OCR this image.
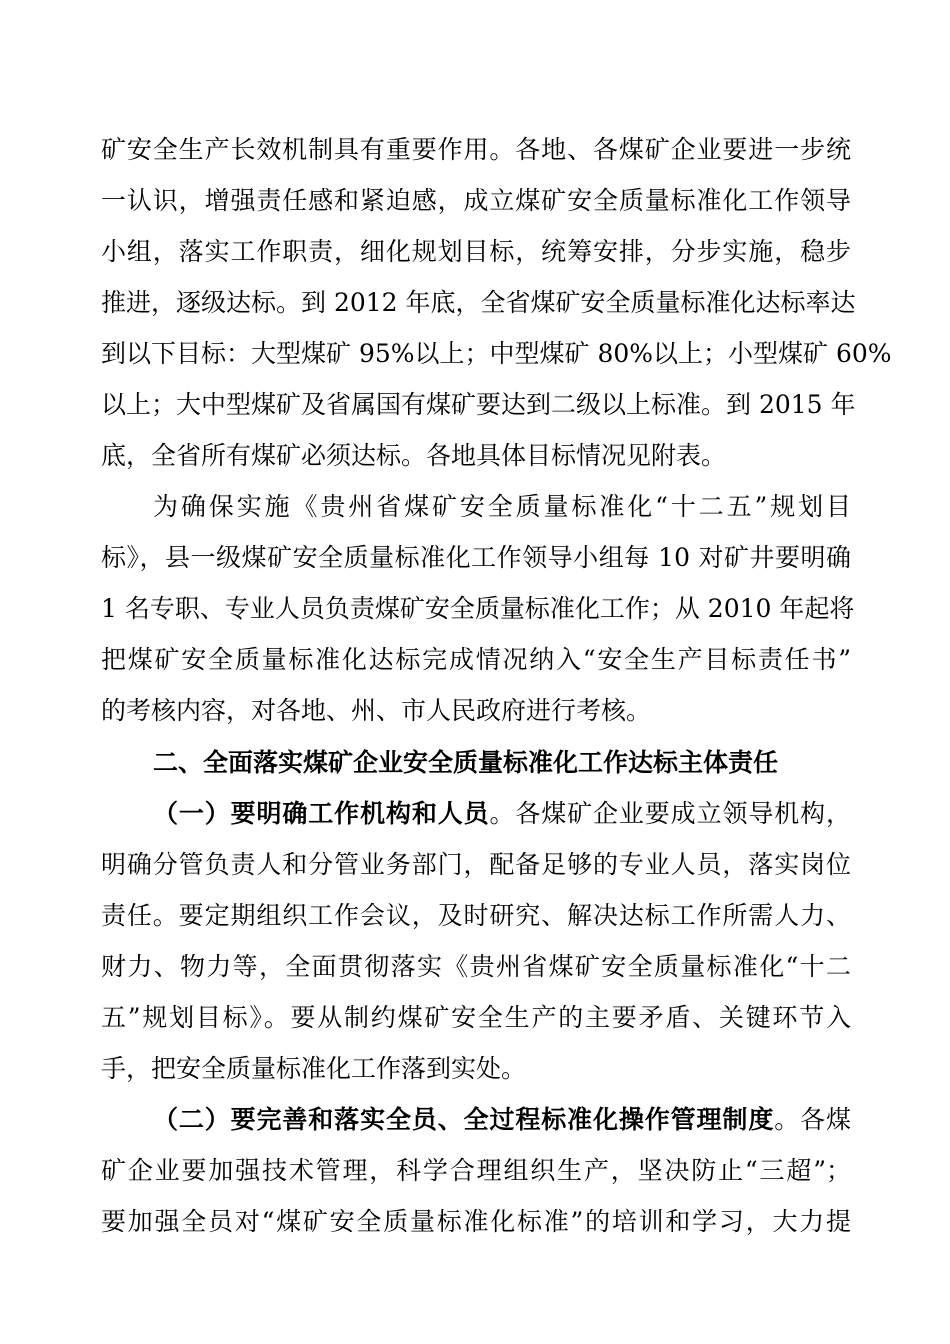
矿安全生产长效机制具有重要作用。各地、各煤矿企业要进一步统
一认识，增强责任感和紧迫感，成立煤矿安全质量标准化工作领导
小组，落实工作职责，细化规划目标，统筹安排，分步实施，稳步
推进，逐级达标。到 2012 年底，全省煤矿安全质量标准化达标率达
到以下目标：大型煤矿 95%以上；中型煤矿 80%以上；小型煤矿 60%
以上；大中型煤矿及省属国有煤矿要达到二级以上标准。到 2015 年
底，全省所有煤矿必须达标。各地具体目标情况见附表。
为确保实施《贵州省煤矿安全质量标准化“十二五”规划目
标》，县一级煤矿安全质量标准化工作领导小组每 10 对矿井要明确
1 名专职、专业人员负责煤矿安全质量标准化工作；从 2010 年起将
把煤矿安全质量标准化达标完成情况纳入“安全生产目标责任书”
的考核内容，对各地、州、市人民政府进行考核。
二、全面落实煤矿企业安全质量标准化工作达标主体责任
（一）要明确工作机构和人员。各煤矿企业要成立领导机构，
明确分管负责人和分管业务部门，配备足够的专业人员，落实岗位
责任。要定期组织工作会议，及时研究、解决达标工作所需人力、
财力、物力等，全面贯彻落实《贵州省煤矿安全质量标准化“十二
五”规划目标》。要从制约煤矿安全生产的主要矛盾、关键环节入
手，把安全质量标准化工作落到实处。
（二）要完善和落实全员、全过程标准化操作管理制度。各煤
矿企业要加强技术管理，科学合理组织生产，坚决防止“三超”；
要加强全员对“煤矿安全质量标准化标准”的培训和学习，大力提
